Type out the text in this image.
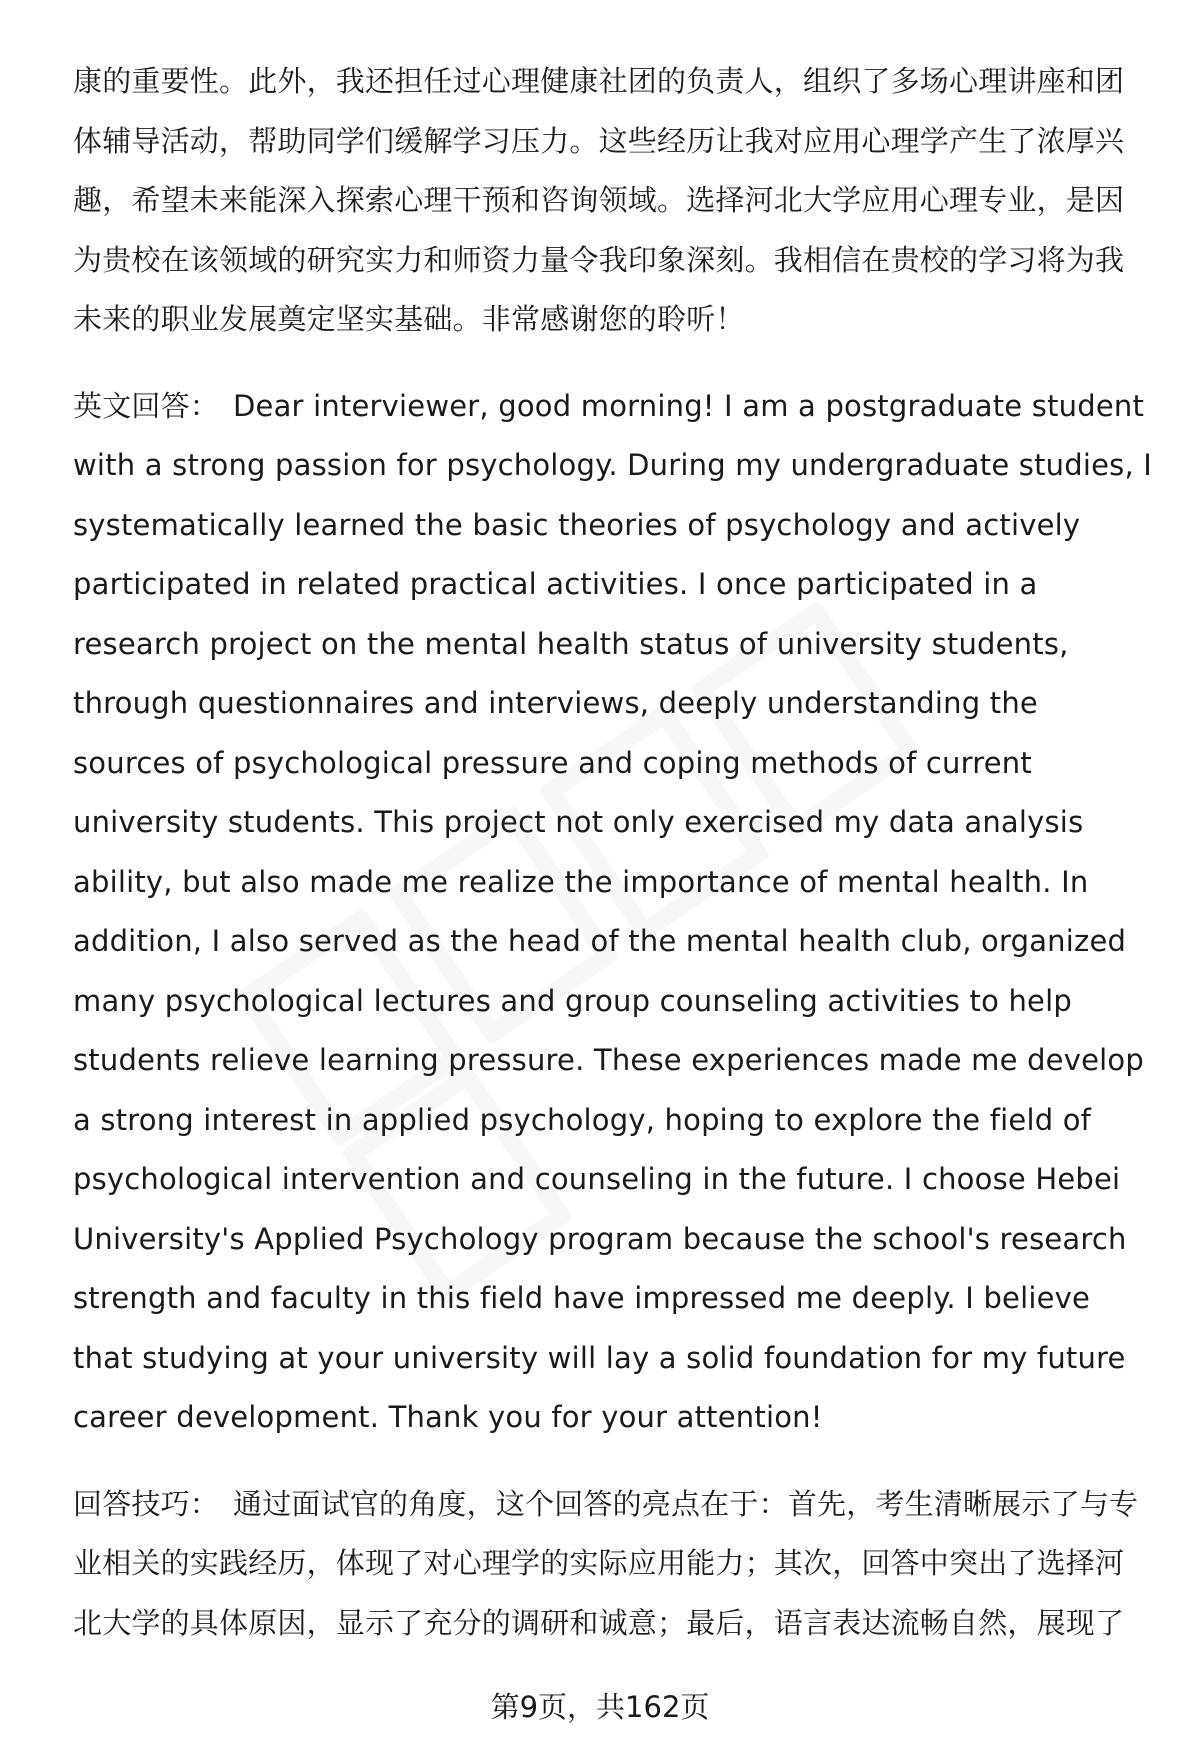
康的重要性。此外，我还担任过心理健康社团的负责人，组织了多场心理讲座和团体辅导活动，帮助同学们缓解学习压力。这些经历让我对应用心理学产生了浓厚兴趣，希望未来能深入探索心理干预和咨询领域。选择河北大学应用心理专业，是因为贵校在该领域的研究实力和师资力量令我印象深刻。我相信在贵校的学习将为我未来的职业发展奠定坚实基础。非常感谢您的聆听！

英文回答： Dear interviewer, good morning! I am a postgraduate student with a strong passion for psychology. During my undergraduate studies, I systematically learned the basic theories of psychology and actively participated in related practical activities. I once participated in a research project on the mental health status of university students, through questionnaires and interviews, deeply understanding the sources of psychological pressure and coping methods of current university students. This project not only exercised my data analysis ability, but also made me realize the importance of mental health. In addition, I also served as the head of the mental health club, organized many psychological lectures and group counseling activities to help students relieve learning pressure. These experiences made me develop a strong interest in applied psychology, hoping to explore the field of psychological intervention and counseling in the future. I choose Hebei University's Applied Psychology program because the school's research strength and faculty in this field have impressed me deeply. I believe that studying at your university will lay a solid foundation for my future career development. Thank you for your attention!

回答技巧： 通过面试官的角度，这个回答的亮点在于：首先，考生清晰展示了与专业相关的实践经历，体现了对心理学的实际应用能力；其次，回答中突出了选择河北大学的具体原因，显示了充分的调研和诚意；最后，语言表达流畅自然，展现了

第9页，共162页
